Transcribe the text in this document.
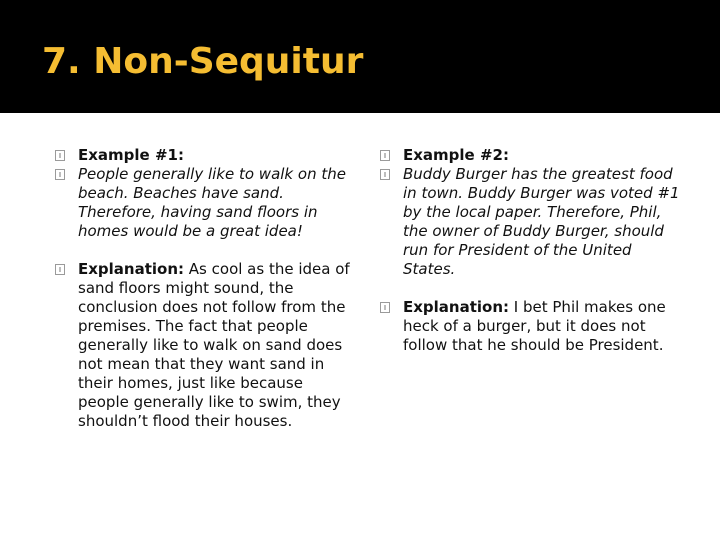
7. Non-Sequitur
Example #1:
People generally like to walk on the beach. Beaches have sand. Therefore, having sand floors in homes would be a great idea!
Explanation: As cool as the idea of sand floors might sound, the conclusion does not follow from the premises. The fact that people generally like to walk on sand does not mean that they want sand in their homes, just like because people generally like to swim, they shouldn’t flood their houses.
Example #2:
Buddy Burger has the greatest food in town. Buddy Burger was voted #1 by the local paper. Therefore, Phil, the owner of Buddy Burger, should run for President of the United States.
Explanation: I bet Phil makes one heck of a burger, but it does not follow that he should be President.
